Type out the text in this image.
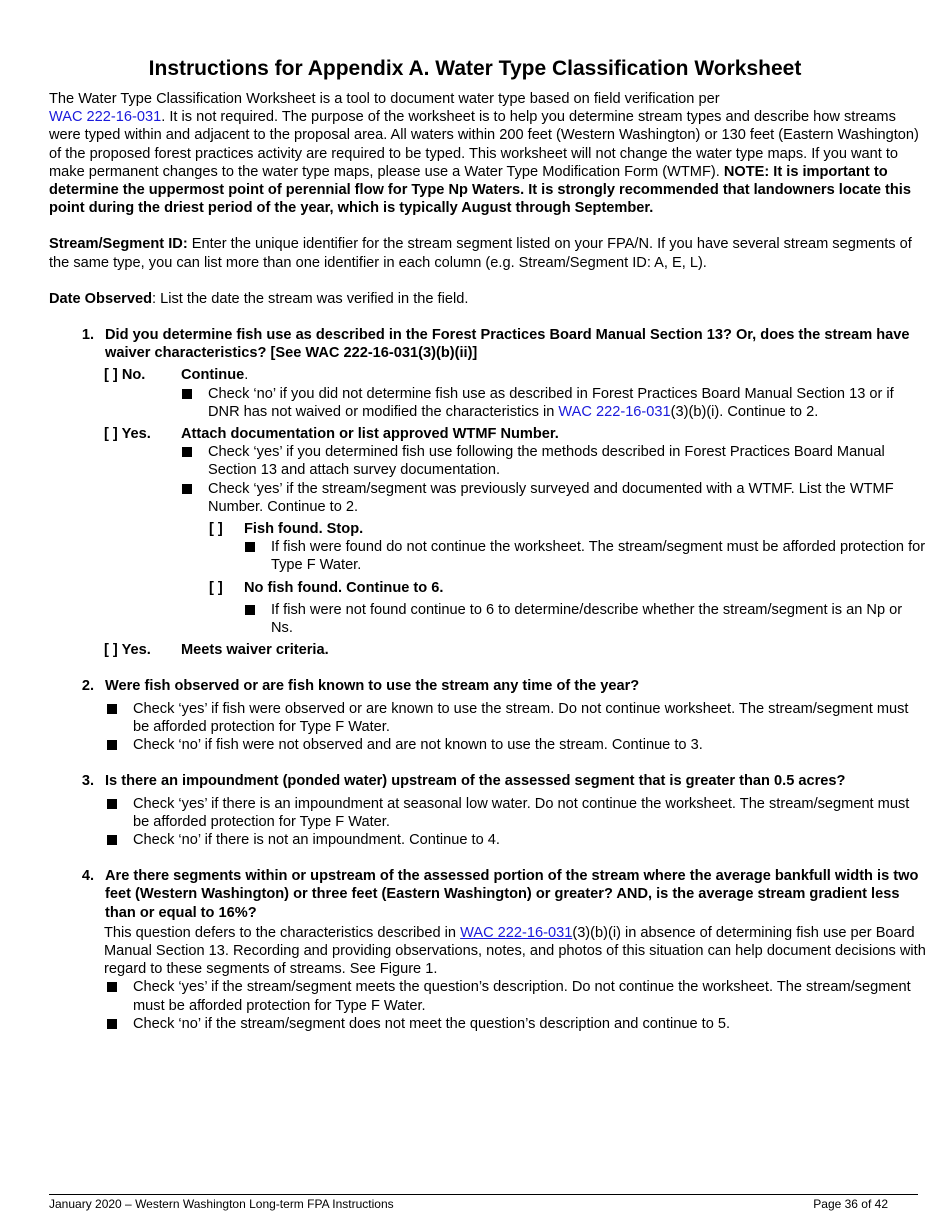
Instructions for Appendix A. Water Type Classification Worksheet

The Water Type Classification Worksheet is a tool to document water type based on field verification per
WAC 222-16-031. It is not required. The purpose of the worksheet is to help you determine stream types and describe how streams were typed within and adjacent to the proposal area. All waters within 200 feet (Western Washington) or 130 feet (Eastern Washington) of the proposed forest practices activity are required to be typed. This worksheet will not change the water type maps. If you want to make permanent changes to the water type maps, please use a Water Type Modification Form (WTMF). NOTE: It is important to determine the uppermost point of perennial flow for Type Np Waters. It is strongly recommended that landowners locate this point during the driest period of the year, which is typically August through September.

Stream/Segment ID: Enter the unique identifier for the stream segment listed on your FPA/N. If you have several stream segments of the same type, you can list more than one identifier in each column (e.g. Stream/Segment ID: A, E, L).

Date Observed: List the date the stream was verified in the field.

1. Did you determine fish use as described in the Forest Practices Board Manual Section 13? Or, does the stream have waiver characteristics? [See WAC 222-16-031(3)(b)(ii)]
[ ] No.	Continue.
Check ‘no’ if you did not determine fish use as described in Forest Practices Board Manual Section 13 or if DNR has not waived or modified the characteristics in WAC 222-16-031(3)(b)(i). Continue to 2.
[ ] Yes.	Attach documentation or list approved WTMF Number.
Check ‘yes’ if you determined fish use following the methods described in Forest Practices Board Manual Section 13 and attach survey documentation.
Check ‘yes’ if the stream/segment was previously surveyed and documented with a WTMF. List the WTMF Number. Continue to 2.
[ ]	Fish found. Stop.
If fish were found do not continue the worksheet. The stream/segment must be afforded protection for Type F Water.
[ ]	No fish found. Continue to 6.
If fish were not found continue to 6 to determine/describe whether the stream/segment is an Np or Ns.
[ ] Yes.	Meets waiver criteria.
2. Were fish observed or are fish known to use the stream any time of the year?
Check ‘yes’ if fish were observed or are known to use the stream. Do not continue worksheet. The stream/segment must be afforded protection for Type F Water.
Check ‘no’ if fish were not observed and are not known to use the stream. Continue to 3.
3. Is there an impoundment (ponded water) upstream of the assessed segment that is greater than 0.5 acres?
Check ‘yes’ if there is an impoundment at seasonal low water. Do not continue the worksheet. The stream/segment must be afforded protection for Type F Water.
Check ‘no’ if there is not an impoundment. Continue to 4.
4. Are there segments within or upstream of the assessed portion of the stream where the average bankfull width is two feet (Western Washington) or three feet (Eastern Washington) or greater? AND, is the average stream gradient less than or equal to 16%?

This question defers to the characteristics described in WAC 222-16-031(3)(b)(i) in absence of determining fish use per Board Manual Section 13. Recording and providing observations, notes, and photos of this situation can help document decisions with regard to these segments of streams. See Figure 1.

Check ‘yes’ if the stream/segment meets the question’s description. Do not continue the worksheet. The stream/segment must be afforded protection for Type F Water.
Check ‘no’ if the stream/segment does not meet the question’s description and continue to 5.
January 2020 – Western Washington Long-term FPA Instructions	Page 36 of 42
